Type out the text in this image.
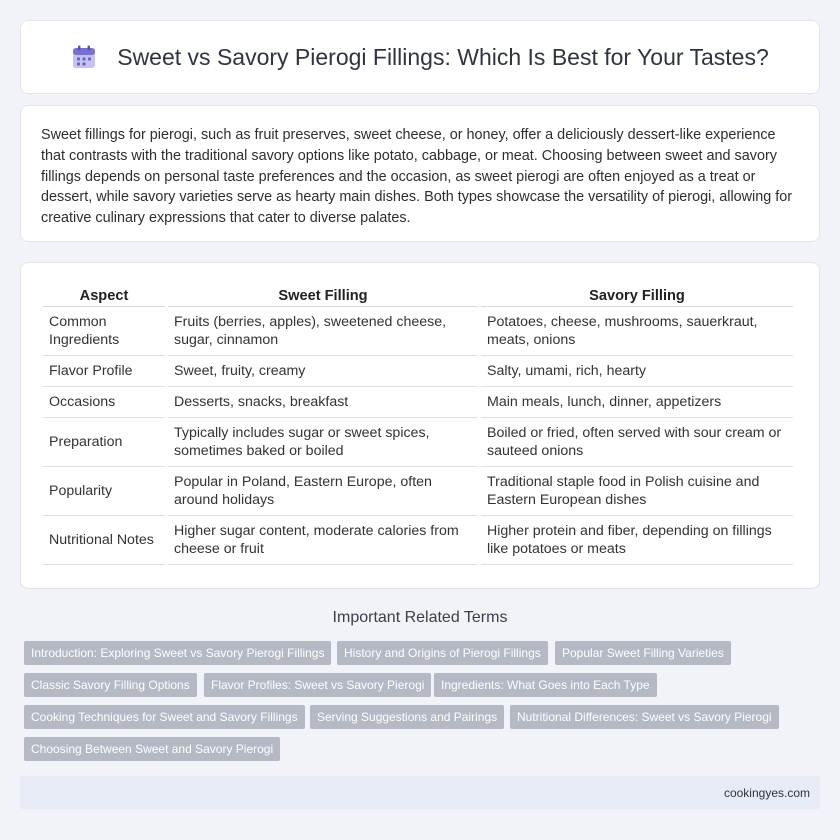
Sweet vs Savory Pierogi Fillings: Which Is Best for Your Tastes?

Sweet fillings for pierogi, such as fruit preserves, sweet cheese, or honey, offer a deliciously dessert-like experience that contrasts with the traditional savory options like potato, cabbage, or meat. Choosing between sweet and savory fillings depends on personal taste preferences and the occasion, as sweet pierogi are often enjoyed as a treat or dessert, while savory varieties serve as hearty main dishes. Both types showcase the versatility of pierogi, allowing for creative culinary expressions that cater to diverse palates.

Aspect	Sweet Filling	Savory Filling
Common Ingredients	Fruits (berries, apples), sweetened cheese, sugar, cinnamon	Potatoes, cheese, mushrooms, sauerkraut, meats, onions
Flavor Profile	Sweet, fruity, creamy	Salty, umami, rich, hearty
Occasions	Desserts, snacks, breakfast	Main meals, lunch, dinner, appetizers
Preparation	Typically includes sugar or sweet spices, sometimes baked or boiled	Boiled or fried, often served with sour cream or sauteed onions
Popularity	Popular in Poland, Eastern Europe, often around holidays	Traditional staple food in Polish cuisine and Eastern European dishes
Nutritional Notes	Higher sugar content, moderate calories from cheese or fruit	Higher protein and fiber, depending on fillings like potatoes or meats
Important Related Terms
Introduction: Exploring Sweet vs Savory Pierogi Fillings	History and Origins of Pierogi Fillings	Popular Sweet Filling Varieties
Classic Savory Filling Options	Flavor Profiles: Sweet vs Savory Pierogi	Ingredients: What Goes into Each Type
Cooking Techniques for Sweet and Savory Fillings	Serving Suggestions and Pairings	Nutritional Differences: Sweet vs Savory Pierogi
Choosing Between Sweet and Savory Pierogi
cookingyes.com
